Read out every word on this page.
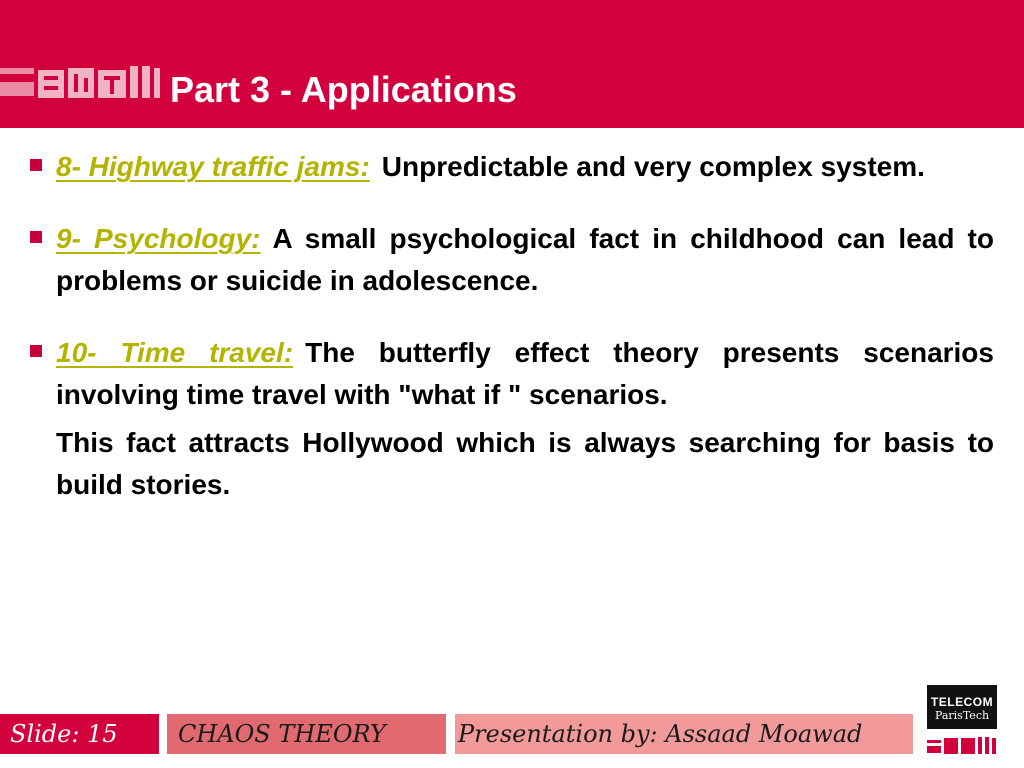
Part 3 - Applications

8- Highway traffic jams: Unpredictable and very complex system.

9- Psychology: A small psychological fact in childhood can lead to problems or suicide in adolescence.

10- Time travel: The butterfly effect theory presents scenarios involving time travel with "what if " scenarios.

This fact attracts Hollywood which is always searching for basis to build stories.

Slide: 15	CHAOS THEORY	Presentation by: Assaad Moawad
TELECOM
ParisTech
